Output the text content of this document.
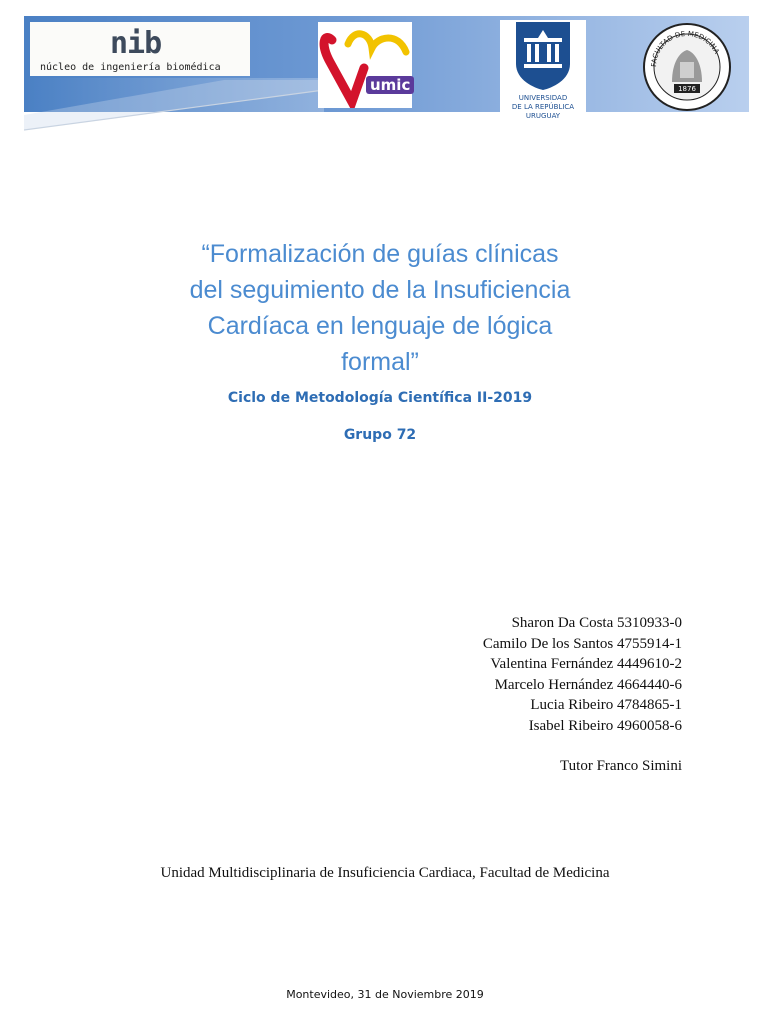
nib
núcleo de ingeniería biomédica
umic
UNIVERSIDAD
DE LA REPÚBLICA
URUGUAY
FACULTAD DE MEDICINA
1876
“Formalización de guías clínicas
del seguimiento de la Insuficiencia
Cardíaca en lenguaje de lógica
formal”
Ciclo de Metodología Científica II-2019
Grupo 72
Sharon Da Costa 5310933-0
Camilo De los Santos 4755914-1
Valentina Fernández 4449610-2
Marcelo Hernández 4664440-6
Lucia Ribeiro 4784865-1
Isabel Ribeiro 4960058-6
Tutor Franco Simini
Unidad Multidisciplinaria de Insuficiencia Cardiaca, Facultad de Medicina
Montevideo, 31 de Noviembre 2019
